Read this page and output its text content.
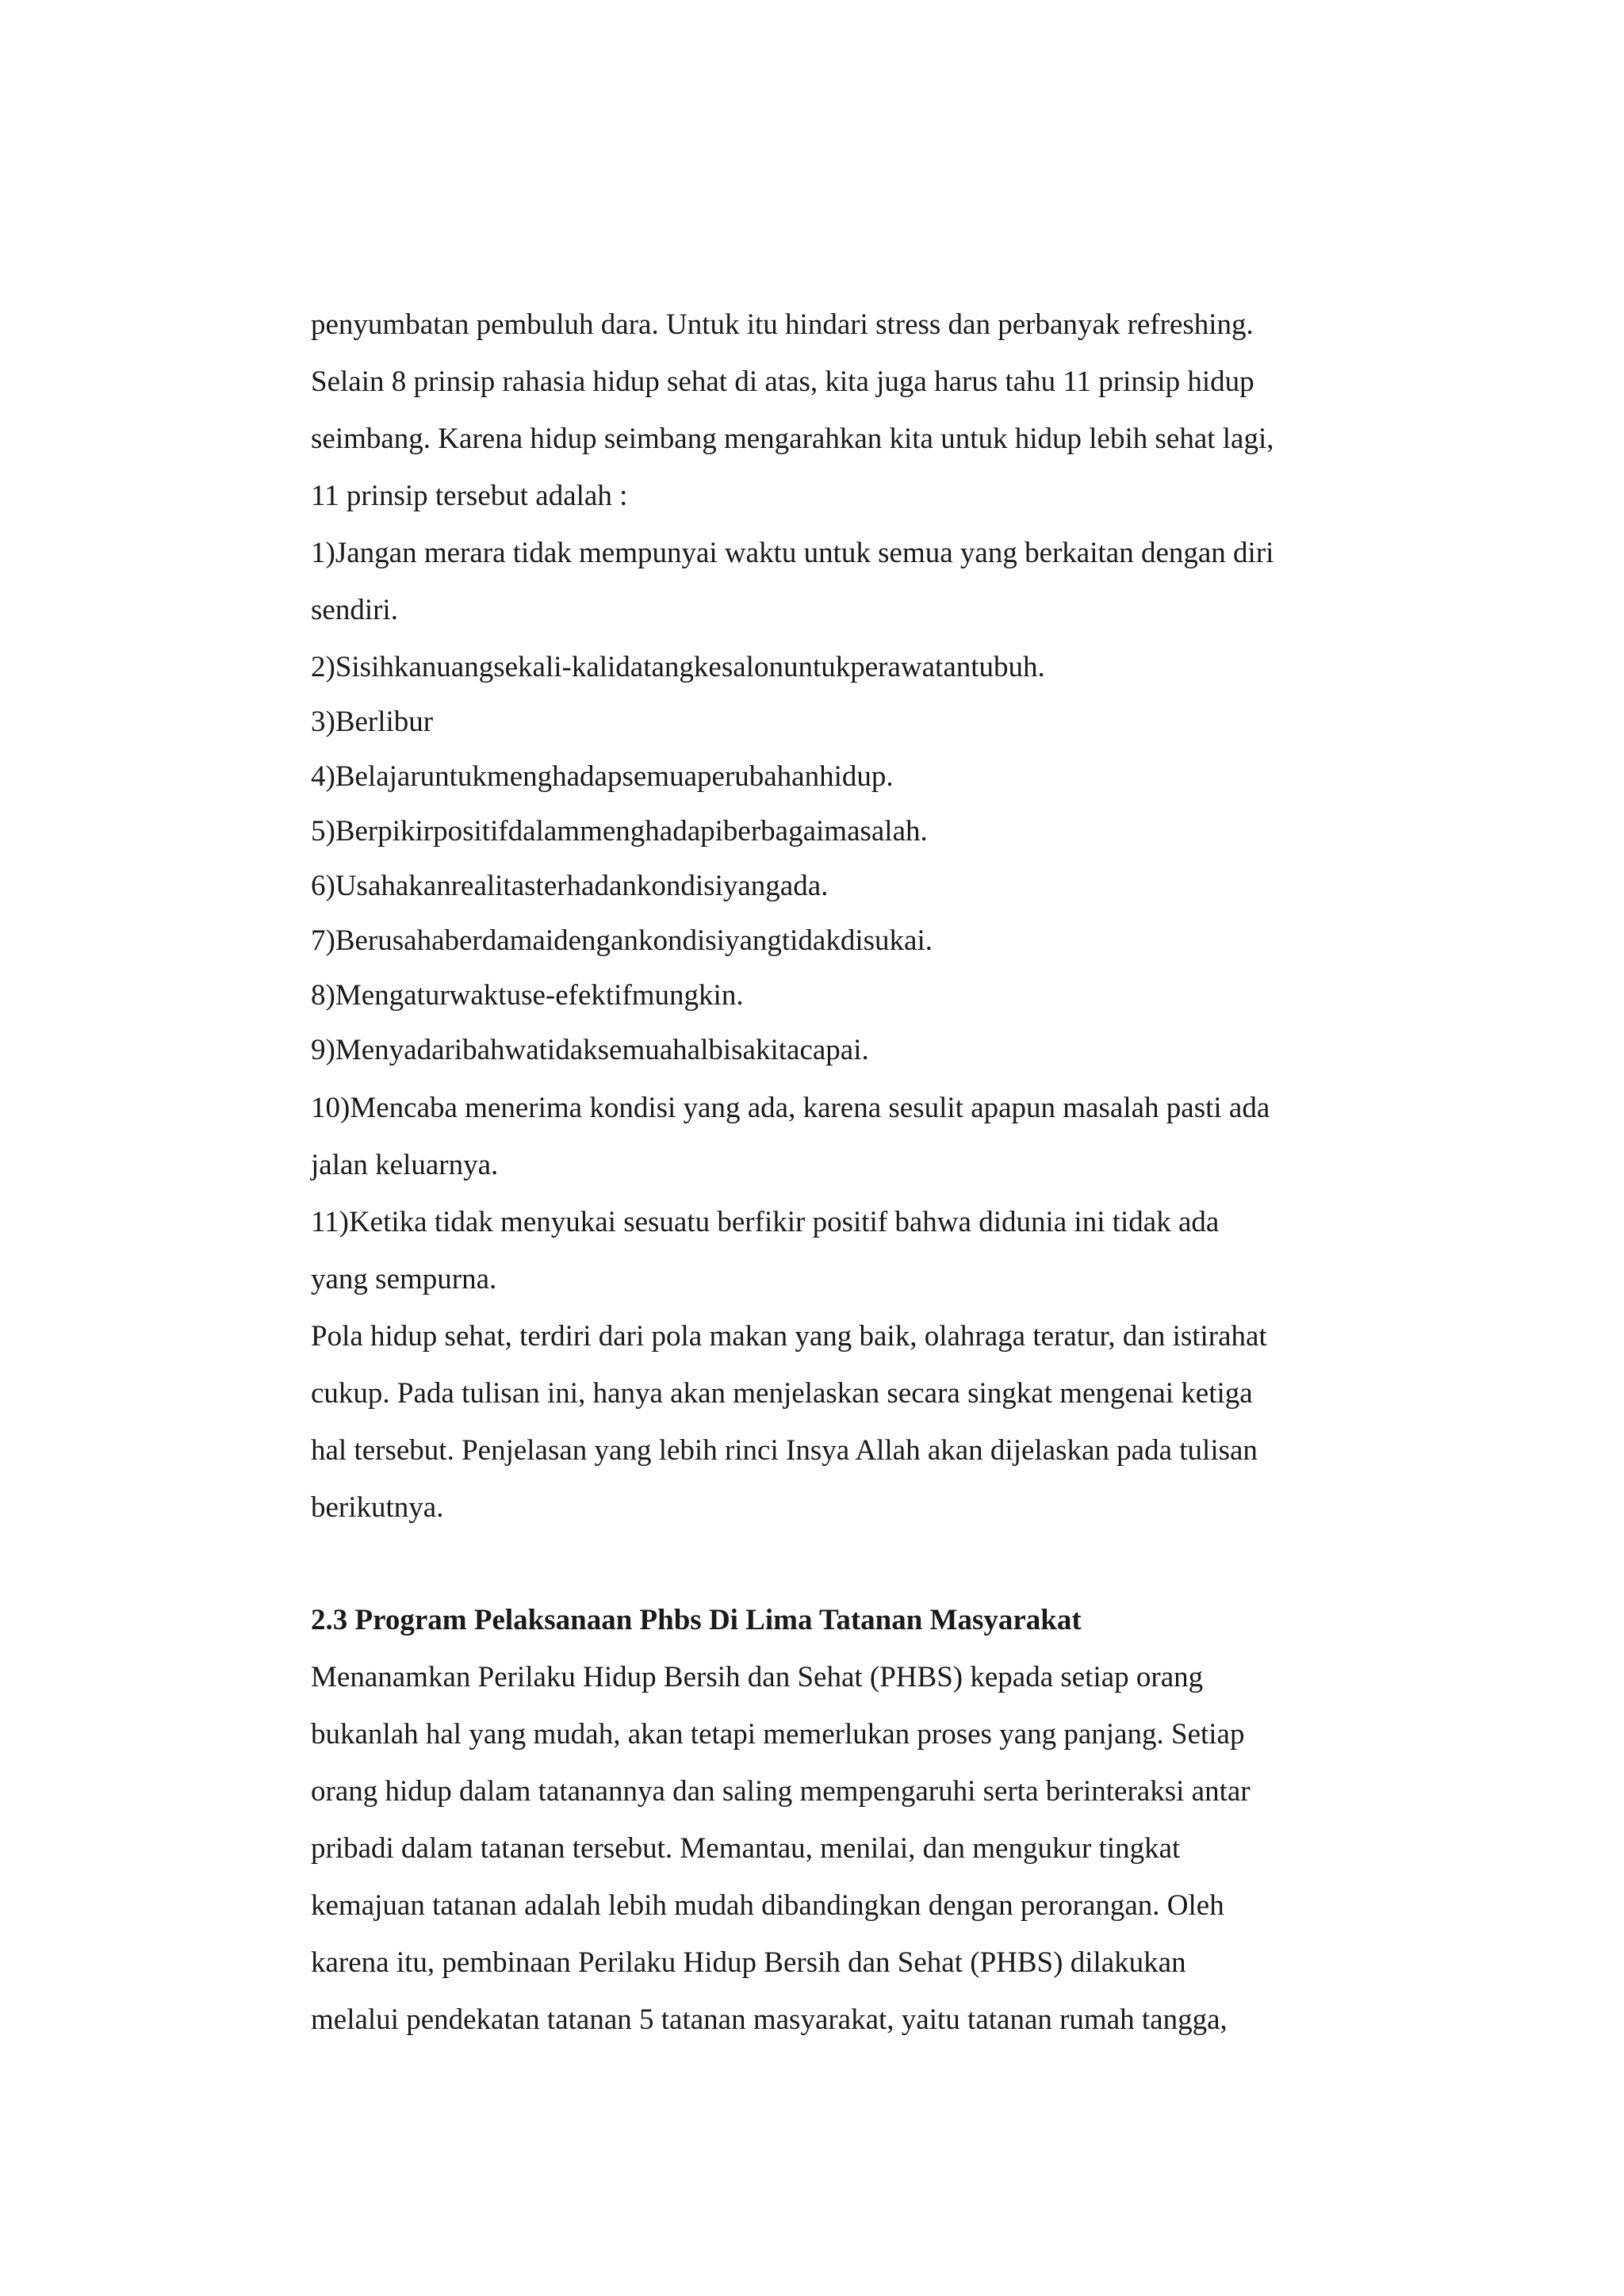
penyumbatan pembuluh dara. Untuk itu hindari stress dan perbanyak refreshing.

Selain 8 prinsip rahasia hidup sehat di atas, kita juga harus tahu 11 prinsip hidup

seimbang. Karena hidup seimbang mengarahkan kita untuk hidup lebih sehat lagi,

11 prinsip tersebut adalah :

1)Jangan merara tidak mempunyai waktu untuk semua yang berkaitan dengan diri

sendiri.

2)Sisihkanuangsekali-kalidatangkesalonuntukperawatantubuh.

3)Berlibur

4)Belajaruntukmenghadapsemuaperubahanhidup.

5)Berpikirpositifdalammenghadapiberbagaimasalah.

6)Usahakanrealitasterhadankondisiyangada.

7)Berusahaberdamaidengankondisiyangtidakdisukai.

8)Mengaturwaktuse-efektifmungkin.

9)Menyadaribahwatidaksemuahalbisakitacapai.

10)Mencaba menerima kondisi yang ada, karena sesulit apapun masalah pasti ada

jalan keluarnya.

11)Ketika tidak menyukai sesuatu berfikir positif bahwa didunia ini tidak ada

yang sempurna.

Pola hidup sehat, terdiri dari pola makan yang baik, olahraga teratur, dan istirahat

cukup. Pada tulisan ini, hanya akan menjelaskan secara singkat mengenai ketiga

hal tersebut. Penjelasan yang lebih rinci Insya Allah akan dijelaskan pada tulisan

berikutnya.

2.3 Program Pelaksanaan Phbs Di Lima Tatanan Masyarakat

Menanamkan Perilaku Hidup Bersih dan Sehat (PHBS) kepada setiap orang

bukanlah hal yang mudah, akan tetapi memerlukan proses yang panjang. Setiap

orang hidup dalam tatanannya dan saling mempengaruhi serta berinteraksi antar

pribadi dalam tatanan tersebut. Memantau, menilai, dan mengukur tingkat

kemajuan tatanan adalah lebih mudah dibandingkan dengan perorangan. Oleh

karena itu, pembinaan Perilaku Hidup Bersih dan Sehat (PHBS) dilakukan

melalui pendekatan tatanan 5 tatanan masyarakat, yaitu tatanan rumah tangga,
